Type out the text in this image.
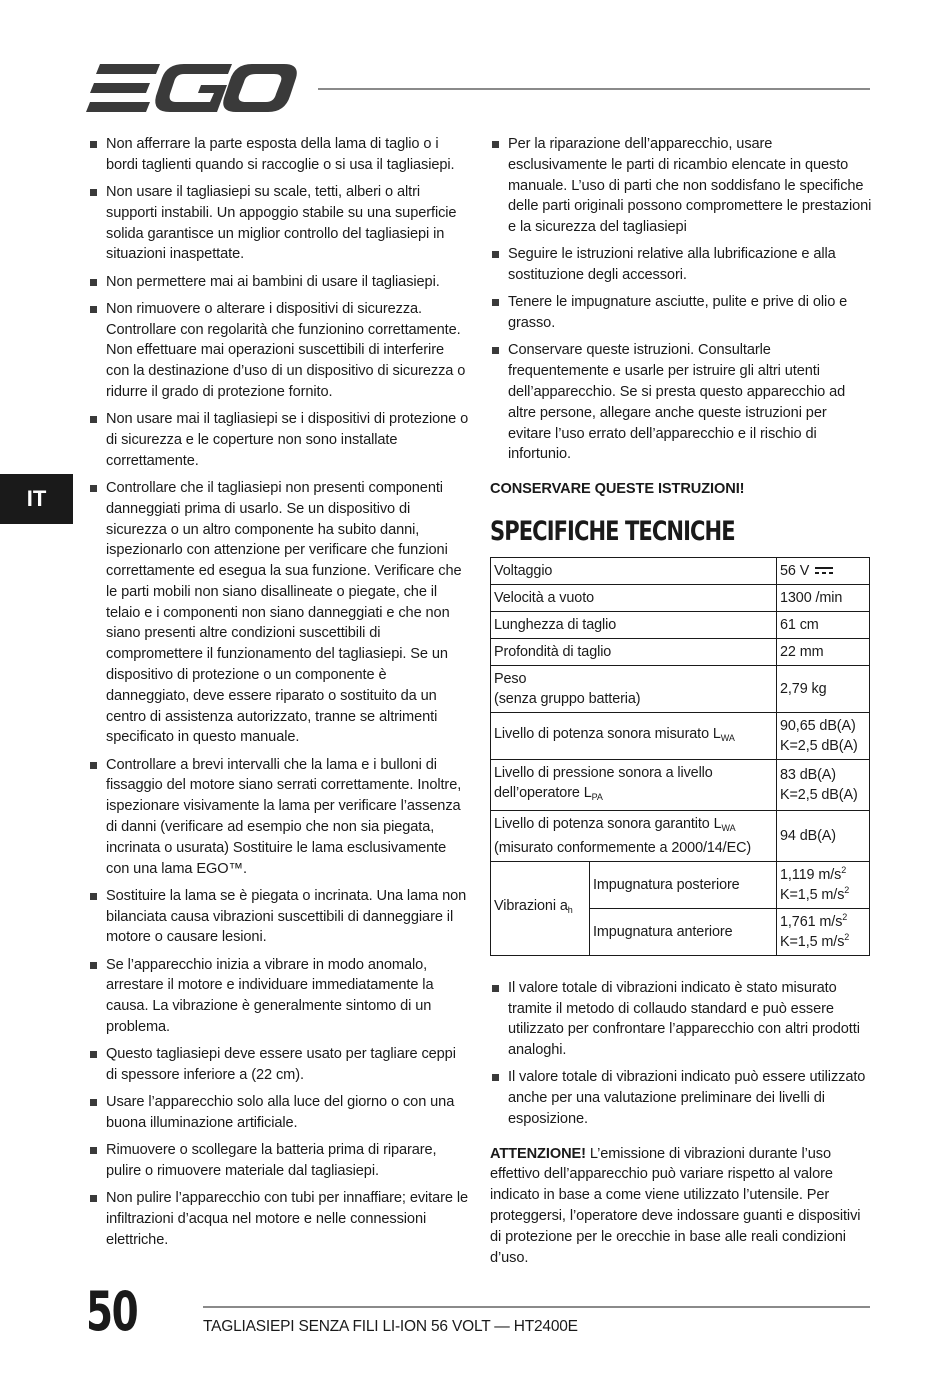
EGO
IT
Non afferrare la parte esposta della lama di taglio o i bordi taglienti quando si raccoglie o si usa il tagliasiepi.
Non usare il tagliasiepi su scale, tetti, alberi o altri supporti instabili. Un appoggio stabile su una superficie solida garantisce un miglior controllo del tagliasiepi in situazioni inaspettate.
Non permettere mai ai bambini di usare il tagliasiepi.
Non rimuovere o alterare i dispositivi di sicurezza. Controllare con regolarità che funzionino correttamente. Non effettuare mai operazioni suscettibili di interferire con la destinazione d’uso di un dispositivo di sicurezza o ridurre il grado di protezione fornito.
Non usare mai il tagliasiepi se i dispositivi di protezione o di sicurezza e le coperture non sono installate correttamente.
Controllare che il tagliasiepi non presenti componenti danneggiati prima di usarlo. Se un dispositivo di sicurezza o un altro componente ha subito danni, ispezionarlo con attenzione per verificare che funzioni correttamente ed esegua la sua funzione. Verificare che le parti mobili non siano disallineate o piegate, che il telaio e i componenti non siano danneggiati e che non siano presenti altre condizioni suscettibili di compromettere il funzionamento del tagliasiepi. Se un dispositivo di protezione o un componente è danneggiato, deve essere riparato o sostituito da un centro di assistenza autorizzato, tranne se altrimenti specificato in questo manuale.
Controllare a brevi intervalli che la lama e i bulloni di fissaggio del motore siano serrati correttamente. Inoltre, ispezionare visivamente la lama per verificare l’assenza di danni (verificare ad esempio che non sia piegata, incrinata o usurata) Sostituire le lama esclusivamente con una lama EGO™.
Sostituire la lama se è piegata o incrinata. Una lama non bilanciata causa vibrazioni suscettibili di danneggiare il motore o causare lesioni.
Se l’apparecchio inizia a vibrare in modo anomalo, arrestare il motore e individuare immediatamente la causa. La vibrazione è generalmente sintomo di un problema.
Questo tagliasiepi deve essere usato per tagliare ceppi di spessore inferiore a (22 cm).
Usare l’apparecchio solo alla luce del giorno o con una buona illuminazione artificiale.
Rimuovere o scollegare la batteria prima di riparare, pulire o rimuovere materiale dal tagliasiepi.
Non pulire l’apparecchio con tubi per innaffiare; evitare le infiltrazioni d’acqua nel motore e nelle connessioni elettriche.
Per la riparazione dell’apparecchio, usare esclusivamente le parti di ricambio elencate in questo manuale. L’uso di parti che non soddisfano le specifiche delle parti originali possono compromettere le prestazioni e la sicurezza del tagliasiepi
Seguire le istruzioni relative alla lubrificazione e alla sostituzione degli accessori.
Tenere le impugnature asciutte, pulite e prive di olio e grasso.
Conservare queste istruzioni. Consultarle frequentemente e usarle per istruire gli altri utenti dell’apparecchio. Se si presta questo apparecchio ad altre persone, allegare anche queste istruzioni per evitare l’uso errato dell’apparecchio e il rischio di infortunio.
CONSERVARE QUESTE ISTRUZIONI!
SPECIFICHE TECNICHE
Voltaggio		56 V

Velocità a vuoto		1300 /min
Lunghezza di taglio		61 cm
Profondità di taglio		22 mm
Peso
(senza gruppo batteria)		2,79 kg
Livello di potenza sonora misurato $L_{WA}$		90,65 dB(A)
K=2,5 dB(A)
Livello di pressione sonora a livello
dell’operatore $L_{PA}$		83 dB(A)
K=2,5 dB(A)
Livello di potenza sonora garantito $L_{WA}$
(misurato conformemente a 2000/14/EC)		94 dB(A)
Vibrazioni $a_h$	Impugnatura posteriore	1,119 $m/s^2$
K=1,5 $m/s^2$
	Impugnatura anteriore	1,761 $m/s^2$
K=1,5 $m/s^2$
Il valore totale di vibrazioni indicato è stato misurato tramite il metodo di collaudo standard e può essere utilizzato per confrontare l’apparecchio con altri prodotti analoghi.
Il valore totale di vibrazioni indicato può essere utilizzato anche per una valutazione preliminare dei livelli di esposizione.
ATTENZIONE! L’emissione di vibrazioni durante l’uso effettivo dell’apparecchio può variare rispetto al valore indicato in base a come viene utilizzato l’utensile. Per proteggersi, l’operatore deve indossare guanti e dispositivi di protezione per le orecchie in base alle reali condizioni d’uso.
50	TAGLIASIEPI SENZA FILI LI-ION 56 VOLT — HT2400E
